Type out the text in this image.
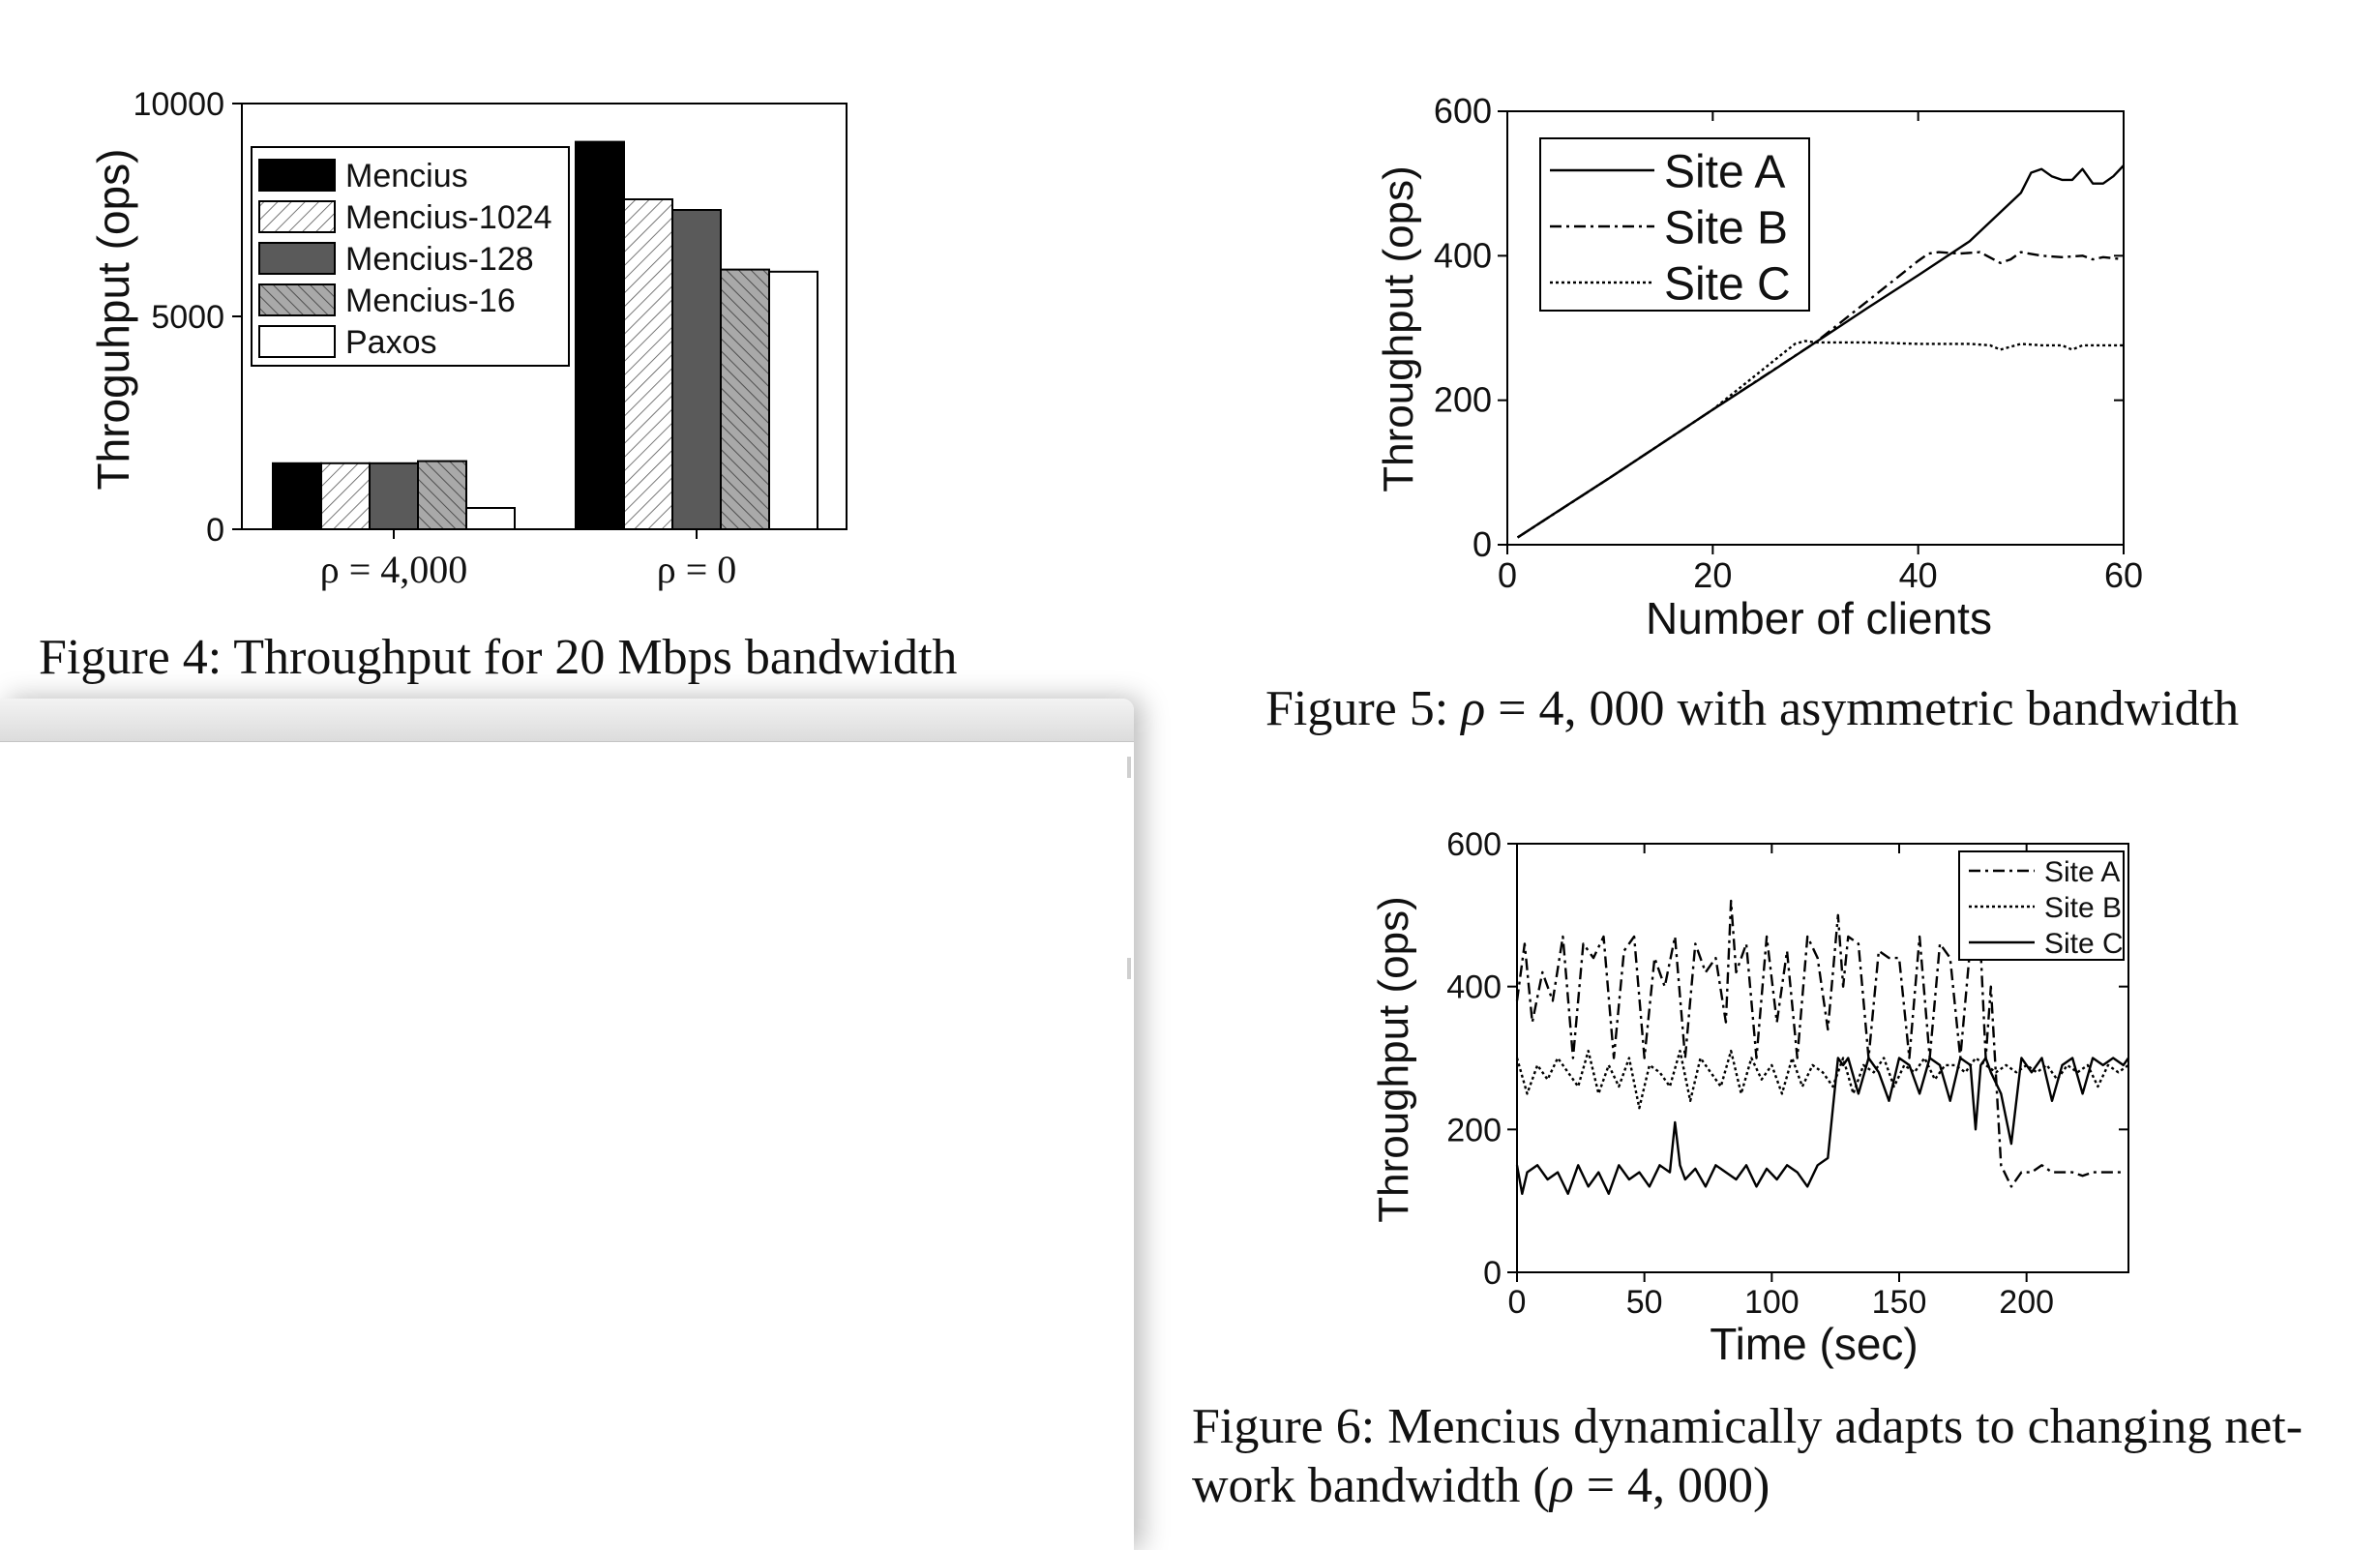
0
5000
10000
ρ = 4,000	ρ = 0
Throguhput (ops)	Mencius
Mencius-1024
Mencius-128
Mencius-16
Paxos
0	20	40	60
0
200
400
600
Throughput (ops)
Number of clients
Site A
Site B
Site C
0	50 100 150 200
0
200
400
600
Throughput (ops)
Time (sec)
Site A
Site B
Site C
Figure 4: Throughput for 20 Mbps bandwidth
Figure 5: ρ = 4, 000 with asymmetric bandwidth
Figure 6: Mencius dynamically adapts to changing net-
work bandwidth (ρ = 4, 000)
